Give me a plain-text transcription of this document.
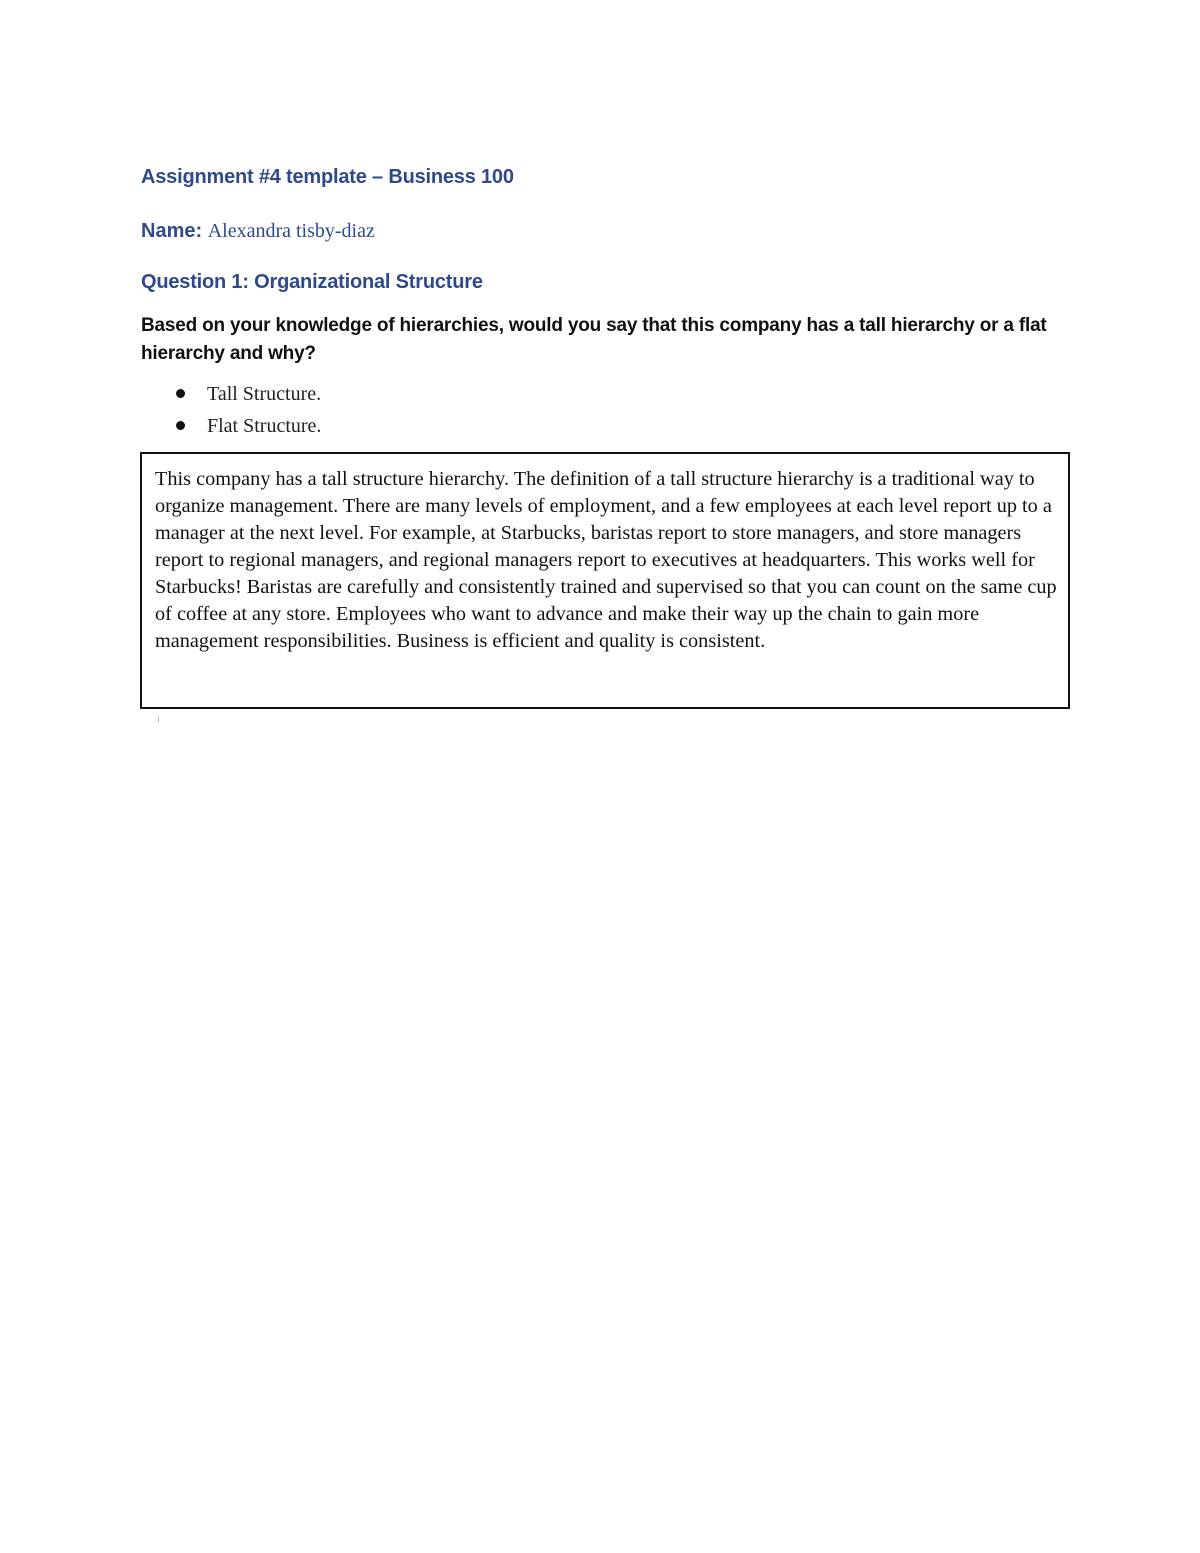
Assignment #4 template – Business 100
Name: Alexandra tisby-diaz
Question 1: Organizational Structure
Based on your knowledge of hierarchies, would you say that this company has a tall hierarchy or a flat hierarchy and why?
Tall Structure.
Flat Structure.

This company has a tall structure hierarchy. The definition of a tall structure hierarchy is a traditional way to organize management. There are many levels of employment, and a few employees at each level report up to a manager at the next level. For example, at Starbucks, baristas report to store managers, and store managers report to regional managers, and regional managers report to executives at headquarters. This works well for Starbucks! Baristas are carefully and consistently trained and supervised so that you can count on the same cup of coffee at any store. Employees who want to advance and make their way up the chain to gain more management responsibilities. Business is efficient and quality is consistent.
